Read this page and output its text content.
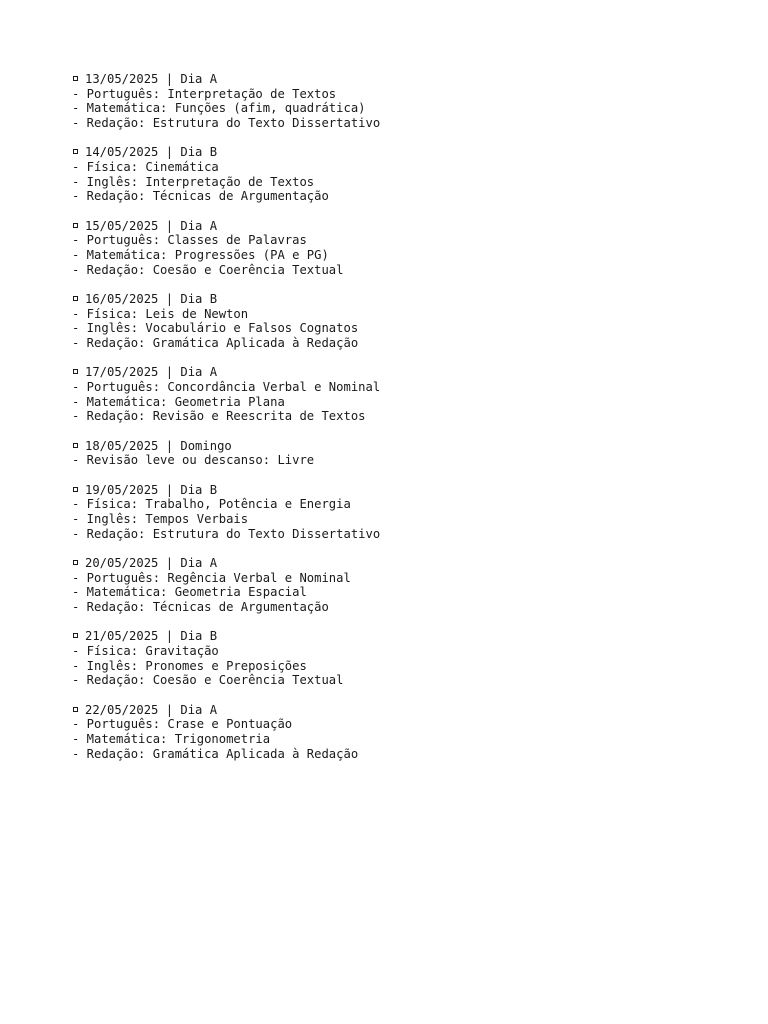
13/05/2025 | Dia A
- Português: Interpretação de Textos
- Matemática: Funções (afim, quadrática)
- Redação: Estrutura do Texto Dissertativo
14/05/2025 | Dia B
- Física: Cinemática
- Inglês: Interpretação de Textos
- Redação: Técnicas de Argumentação
15/05/2025 | Dia A
- Português: Classes de Palavras
- Matemática: Progressões (PA e PG)
- Redação: Coesão e Coerência Textual
16/05/2025 | Dia B
- Física: Leis de Newton
- Inglês: Vocabulário e Falsos Cognatos
- Redação: Gramática Aplicada à Redação
17/05/2025 | Dia A
- Português: Concordância Verbal e Nominal
- Matemática: Geometria Plana
- Redação: Revisão e Reescrita de Textos
18/05/2025 | Domingo
- Revisão leve ou descanso: Livre
19/05/2025 | Dia B
- Física: Trabalho, Potência e Energia
- Inglês: Tempos Verbais
- Redação: Estrutura do Texto Dissertativo
20/05/2025 | Dia A
- Português: Regência Verbal e Nominal
- Matemática: Geometria Espacial
- Redação: Técnicas de Argumentação
21/05/2025 | Dia B
- Física: Gravitação
- Inglês: Pronomes e Preposições
- Redação: Coesão e Coerência Textual
22/05/2025 | Dia A
- Português: Crase e Pontuação
- Matemática: Trigonometria
- Redação: Gramática Aplicada à Redação
